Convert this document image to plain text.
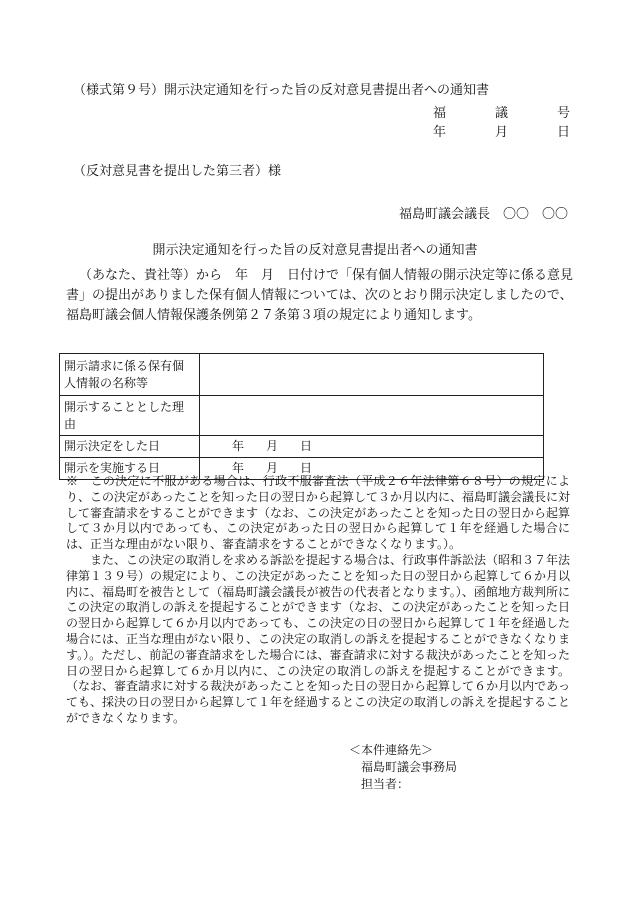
（様式第９号）開示決定通知を行った旨の反対意見書提出者への通知書
福	議	号
年	月	日
（反対意見書を提出した第三者）様
福島町議会議長　〇〇　〇〇
開示決定通知を行った旨の反対意見書提出者への通知書

（あなた、貴社等）から　年　月　日付けで「保有個人情報の開示決定等に係る意見書」の提出がありました保有個人情報については、次のとおり開示決定しましたので、福島町議会個人情報保護条例第２７条第３項の規定により通知します。

開示請求に係る保有個人情報の名称等	
開示することとした理由	
開示決定をした日	年 月 日
開示を実施する日	年 月 日

※　この決定に不服がある場合は、行政不服審査法（平成２６年法律第６８号）の規定により、この決定があったことを知った日の翌日から起算して３か月以内に、福島町議会議長に対して審査請求をすることができます（なお、この決定があったことを知った日の翌日から起算して３か月以内であっても、この決定があった日の翌日から起算して１年を経過した場合には、正当な理由がない限り、審査請求をすることができなくなります。）。

また、この決定の取消しを求める訴訟を提起する場合は、行政事件訴訟法（昭和３７年法律第１３９号）の規定により、この決定があったことを知った日の翌日から起算して６か月以内に、福島町を被告として（福島町議会議長が被告の代表者となります。）、函館地方裁判所にこの決定の取消しの訴えを提起することができます（なお、この決定があったことを知った日の翌日から起算して６か月以内であっても、この決定の日の翌日から起算して１年を経過した場合には、正当な理由がない限り、この決定の取消しの訴えを提起することができなくなります。）。ただし、前記の審査請求をした場合には、審査請求に対する裁決があったことを知った日の翌日から起算して６か月以内に、この決定の取消しの訴えを提起することができます。（なお、審査請求に対する裁決があったことを知った日の翌日から起算して６か月以内であっても、採決の日の翌日から起算して１年を経過するとこの決定の取消しの訴えを提起することができなくなります。

＜本件連絡先＞
福島町議会事務局
担当者：
